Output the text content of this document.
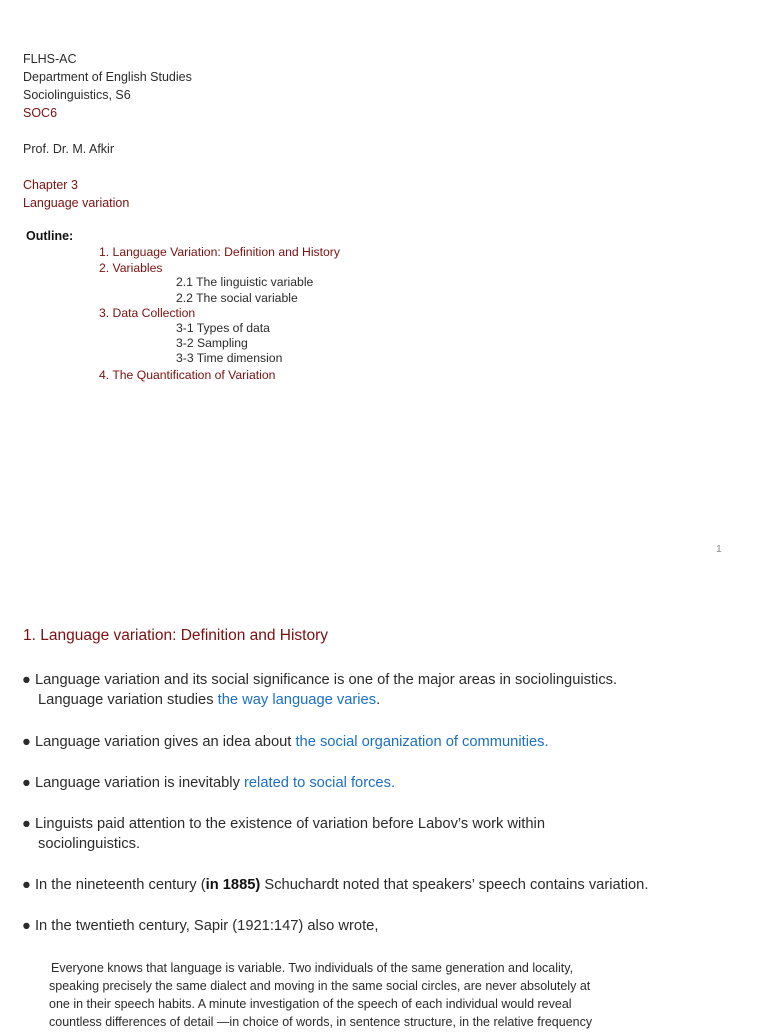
FLHS-AC
Department of English Studies
Sociolinguistics, S6
SOC6
Prof. Dr. M. Afkir
Chapter 3
Language variation
Outline:
1. Language Variation: Definition and History
2. Variables
2.1 The linguistic variable
2.2 The social variable
3. Data Collection
3-1 Types of data
3-2 Sampling
3-3 Time dimension
4. The Quantification of Variation
1
1. Language variation: Definition and History
● Language variation and its social significance is one of the major areas in sociolinguistics.
Language variation studies the way language varies.
● Language variation gives an idea about the social organization of communities.
● Language variation is inevitably related to social forces.
● Linguists paid attention to the existence of variation before Labov’s work within
sociolinguistics.
● In the nineteenth century (in 1885) Schuchardt noted that speakers’ speech contains variation.
● In the twentieth century, Sapir (1921:147) also wrote,
Everyone knows that language is variable. Two individuals of the same generation and locality,
speaking precisely the same dialect and moving in the same social circles, are never absolutely at
one in their speech habits. A minute investigation of the speech of each individual would reveal
countless differences of detail —in choice of words, in sentence structure, in the relative frequency
